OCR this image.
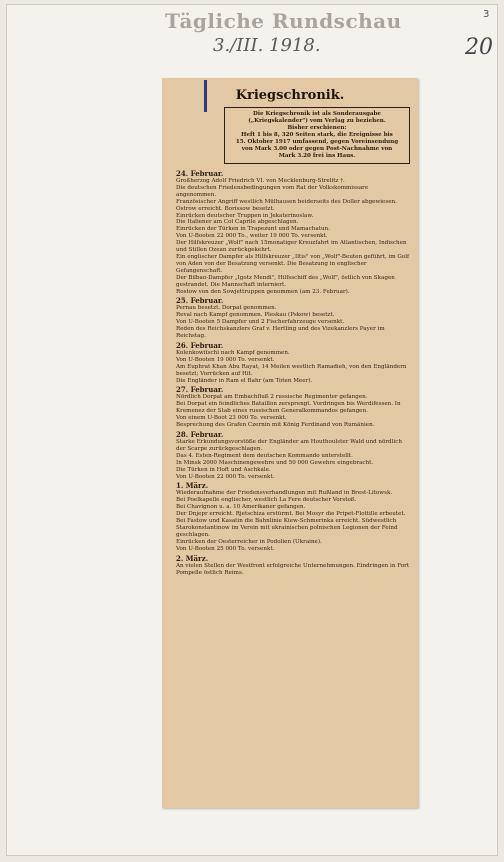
Tägliche Rundschau
3./III. 1918.
3
20
Kriegschronik.
Die Kriegschronik ist als Sonderausgabe
(„Kriegskalender") vom Verlag zu beziehen.
Bisher erschienen:
Heft 1 bis 8, 320 Seiten stark, die Ereignisse bis
15. Oktober 1917 umfassend, gegen Voreinsendung
von Mark 3.00 oder gegen Post-Nachnahme von
Mark 3.20 frei ins Haus.
24. Februar.
Großherzog Adolf Friedrich VI. von Mecklenburg-Strelitz †.
Die deutschen Friedensbedingungen vom Rat der Volkskommissare angenommen.
Französischer Angriff westlich Mülhausen beiderseits des Doller abgewiesen.
Ostrow erreicht. Borissow besetzt.
Einrücken deutscher Truppen in Jekaterinoslaw.
Die Italiener am Col Caprile abgeschlagen.
Einrücken der Türken in Trapezunt und Mamachatun.
Von U-Booten 22 000 To., weiter 19 000 To. versenkt.
Der Hilfskreuzer „Wolf" nach 15monatiger Kreuzfahrt im Atlantischen, Indischen und Stillen Ozean zurückgekehrt.
Ein englischer Dampfer als Hilfskreuzer „Iltis" von „Wolf"-Beuten geführt, im Golf von Aden von der Besatzung versenkt. Die Besatzung in englischer Gefangenschaft.
Der Bilbao-Dampfer „Igotz Mendi", Hilfsschiff des „Wolf", östlich von Skagen gestrandet. Die Mannschaft interniert.
Rostow von den Sowjettruppen genommen (am 23. Februar).
25. Februar.
Pernau besetzt. Dorpat genommen.
Reval nach Kampf genommen. Pleskau (Pskow) besetzt.
Von U-Booten 5 Dampfer und 2 Fischerfahrzeuge versenkt.
Reden des Reichskanzlers Graf v. Hertling und des Vizekanzlers Payer im Reichstag.
26. Februar.
Kolenkowitschi nach Kampf genommen.
Von U-Booten 19 000 To. versenkt.
Am Euphrat Khan Abu Rayat, 14 Meilen westlich Ramadieh, von den Engländern besetzt; Vorrücken auf Hit.
Die Engländer in Ram el Bahr (am Toten Meer).
27. Februar.
Nördlich Dorpat am Embachfluß 2 russische Regimenter gefangen.
Bei Dorpat ein feindliches Bataillon zersprengt. Vordringen bis Werdifessen. In Kremenez der Stab eines russischen Generalkommandos gefangen.
Von einem U-Boot 23 000 To. versenkt.
Besprechung des Grafen Czernin mit König Ferdinand von Rumänien.
28. Februar.
Starke Erkundungsvorstöße der Engländer am Houthoulster Wald und nördlich der Scarpe zurückgeschlagen.
Das 4. Esten-Regiment dem deutschen Kommando unterstellt.
In Minsk 2000 Maschinengewehre und 50 000 Gewehre eingebracht.
Die Türken in Hoft und Aschkale.
Von U-Booten 22 000 To. versenkt.
1. März.
Wiederaufnahme der Friedensverhandlungen mit Rußland in Brest-Litowsk.
Bei Poelkapelle englischer, westlich La Fere deutscher Vorstoß.
Bei Chavignon u. a. 10 Amerikaner gefangen.
Der Dnjepr erreicht. Rjetschiza erstürmt. Bei Mosyr die Pripet-Flottille erbeutet.
Bei Fastow und Kasatin die Bahnlinie Kiew-Schmerinka erreicht. Südwestlich Starokonstantinow im Verein mit ukrainischen polnischen Legionen der Feind geschlagen.
Einrücken der Oesterreicher in Podolien (Ukraine).
Von U-Booten 25 000 To. versenkt.
2. März.
An vielen Stellen der Westfront erfolgreiche Unternehmungen. Eindringen in Fort Pompelle östlich Reims.
